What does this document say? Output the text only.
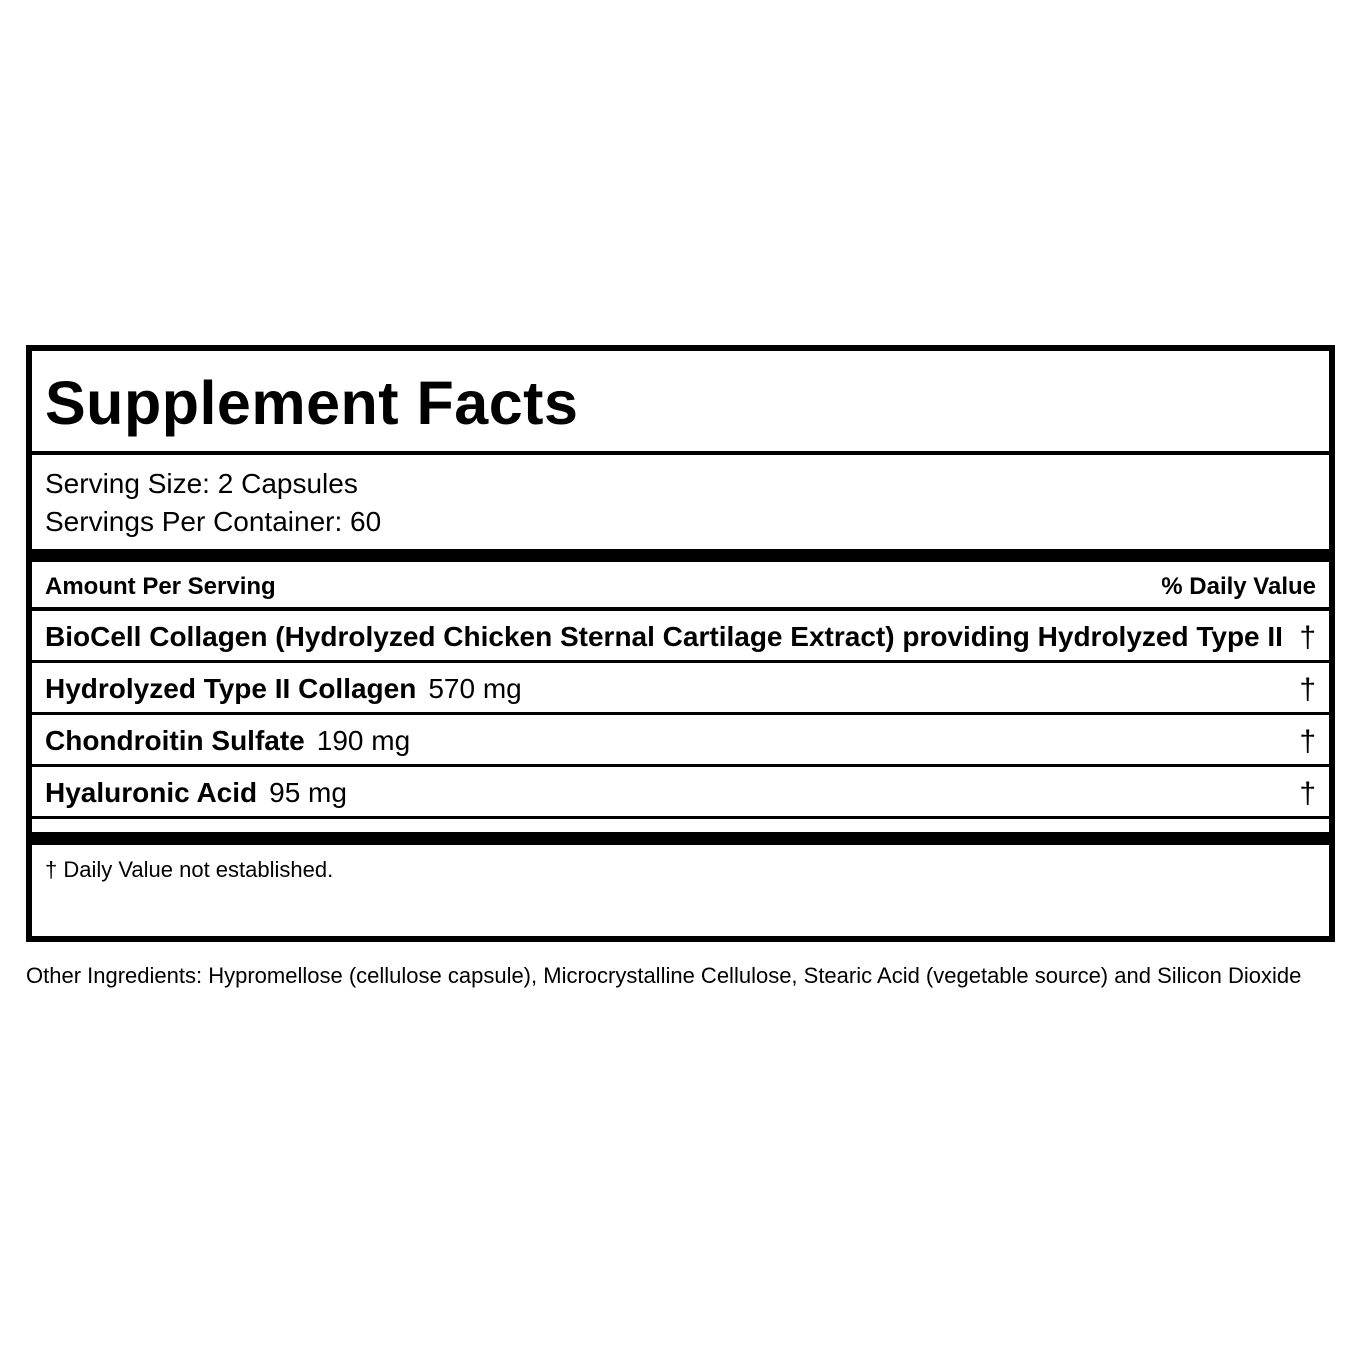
Supplement Facts
Serving Size: 2 Capsules
Servings Per Container: 60
Amount Per Serving	% Daily Value
BioCell Collagen (Hydrolyzed Chicken Sternal Cartilage Extract) providing Hydrolyzed Type II †
Hydrolyzed Type II Collagen 570 mg	†
Chondroitin Sulfate 190 mg	†
Hyaluronic Acid 95 mg	†
† Daily Value not established.
Other Ingredients: Hypromellose (cellulose capsule), Microcrystalline Cellulose, Stearic Acid (vegetable source) and Silicon Dioxide
